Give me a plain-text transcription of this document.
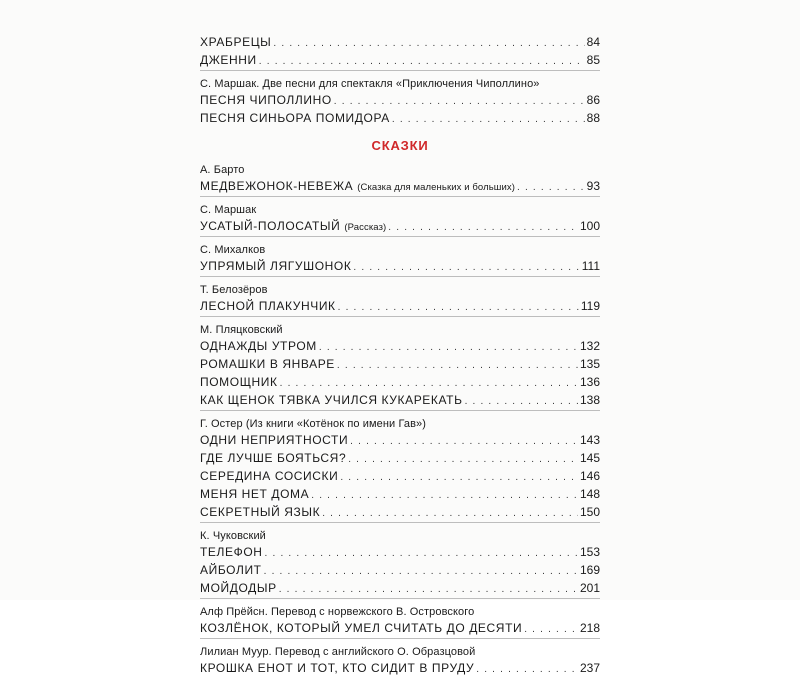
ХРАБРЕЦЫ . . .	84
ДЖЕННИ . . .	85
С. Маршак. Две песни для спектакля «Приключения Чиполлино»
ПЕСНЯ ЧИПОЛЛИНО . . .	86
ПЕСНЯ СИНЬОРА ПОМИДОРА . . .	88
СКАЗКИ
А. Барто
МЕДВЕЖОНОК-НЕВЕЖА (Сказка для маленьких и больших) . . .	93
С. Маршак
УСАТЫЙ-ПОЛОСАТЫЙ (Рассказ) . . .	100
С. Михалков
УПРЯМЫЙ ЛЯГУШОНОК . . .	111
Т. Белозёров
ЛЕСНОЙ ПЛАКУНЧИК . . .	119
М. Пляцковский
ОДНАЖДЫ УТРОМ . . .	132
РОМАШКИ В ЯНВАРЕ . . .	135
ПОМОЩНИК . . .	136
КАК ЩЕНОК ТЯВКА УЧИЛСЯ КУКАРЕКАТЬ . . .	138
Г. Остер (Из книги «Котёнок по имени Гав»)
ОДНИ НЕПРИЯТНОСТИ . . .	143
ГДЕ ЛУЧШЕ БОЯТЬСЯ? . . .	145
СЕРЕДИНА СОСИСКИ . . .	146
МЕНЯ НЕТ ДОМА . . .	148
СЕКРЕТНЫЙ ЯЗЫК . . .	150
К. Чуковский
ТЕЛЕФОН . . .	153
АЙБОЛИТ . . .	169
МОЙДОДЫР . . .	201
Алф Прёйсн. Перевод с норвежского В. Островского
КОЗЛЁНОК, КОТОРЫЙ УМЕЛ СЧИТАТЬ ДО ДЕСЯТИ . . .	218
Лилиан Муур. Перевод с английского О. Образцовой
КРОШКА ЕНОТ И ТОТ, КТО СИДИТ В ПРУДУ . . .	237
